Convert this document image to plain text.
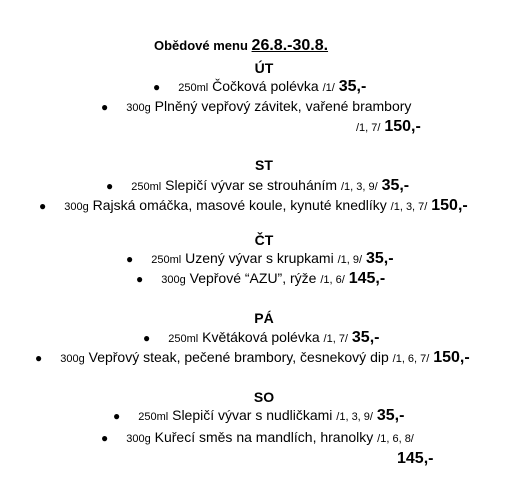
Obědové menu 26.8.-30.8.
ÚT
● 250ml Čočková polévka /1/ 35,-
● 300g Plněný vepřový závitek, vařené brambory
/1, 7/ 150,-
ST
● 250ml Slepičí vývar se strouháním /1, 3, 9/ 35,-
● 300g Rajská omáčka, masové koule, kynuté knedlíky /1, 3, 7/ 150,-
ČT
● 250ml Uzený vývar s krupkami /1, 9/ 35,-
● 300g Vepřové “AZU”, rýže /1, 6/ 145,-
PÁ
● 250ml Květáková polévka /1, 7/ 35,-
● 300g Vepřový steak, pečené brambory, česnekový dip /1, 6, 7/ 150,-
SO
● 250ml Slepičí vývar s nudličkami /1, 3, 9/ 35,-
● 300g Kuřecí směs na mandlích, hranolky /1, 6, 8/
145,-
